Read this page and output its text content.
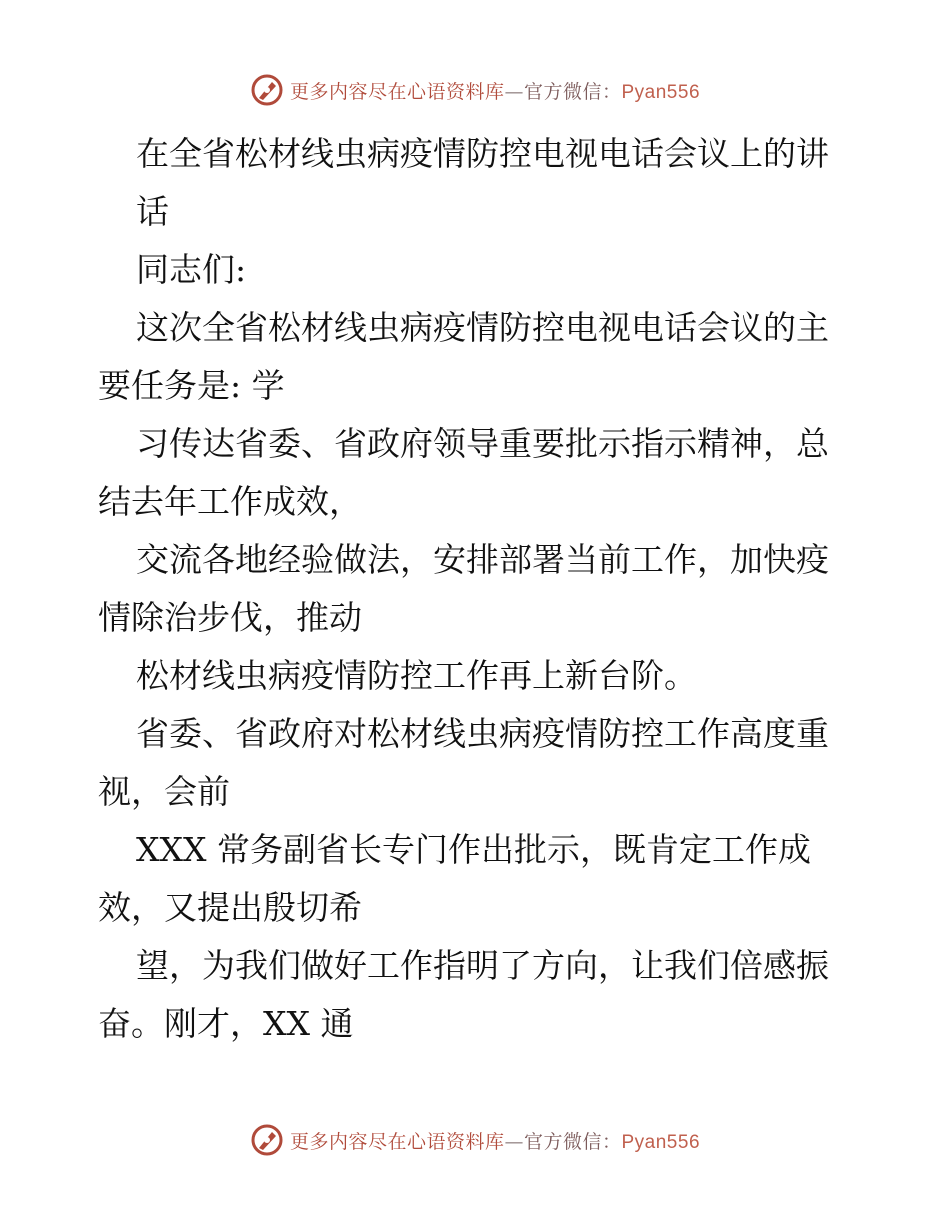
更多内容尽在心语资料库—官方微信：Pyan556
在全省松材线虫病疫情防控电视电话会议上的讲
话
同志们:
这次全省松材线虫病疫情防控电视电话会议的主
要任务是: 学
习传达省委、省政府领导重要批示指示精神，总
结去年工作成效，
交流各地经验做法，安排部署当前工作，加快疫
情除治步伐，推动
松材线虫病疫情防控工作再上新台阶。
省委、省政府对松材线虫病疫情防控工作高度重
视，会前
XXX 常务副省长专门作出批示，既肯定工作成
效，又提出殷切希
望，为我们做好工作指明了方向，让我们倍感振
奋。刚才，XX 通
更多内容尽在心语资料库—官方微信：Pyan556
